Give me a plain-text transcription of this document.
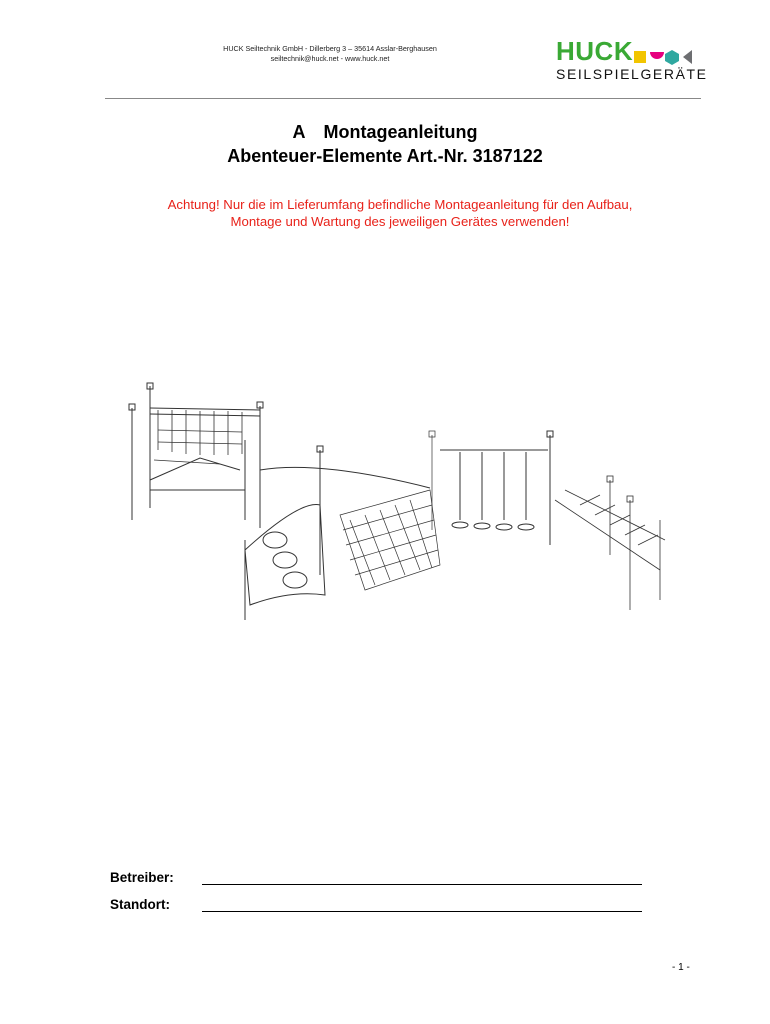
HUCK Seiltechnik GmbH - Dillerberg 3 – 35614 Asslar-Berghausen
seiltechnik@huck.net - www.huck.net	HUCK
SEILSPIELGERÄTE
A Montageanleitung
Abenteuer-Elemente Art.-Nr. 3187122
Achtung! Nur die im Lieferumfang befindliche Montageanleitung für den Aufbau,
Montage und Wartung des jeweiligen Gerätes verwenden!
Betreiber:
Standort:
- 1 -
